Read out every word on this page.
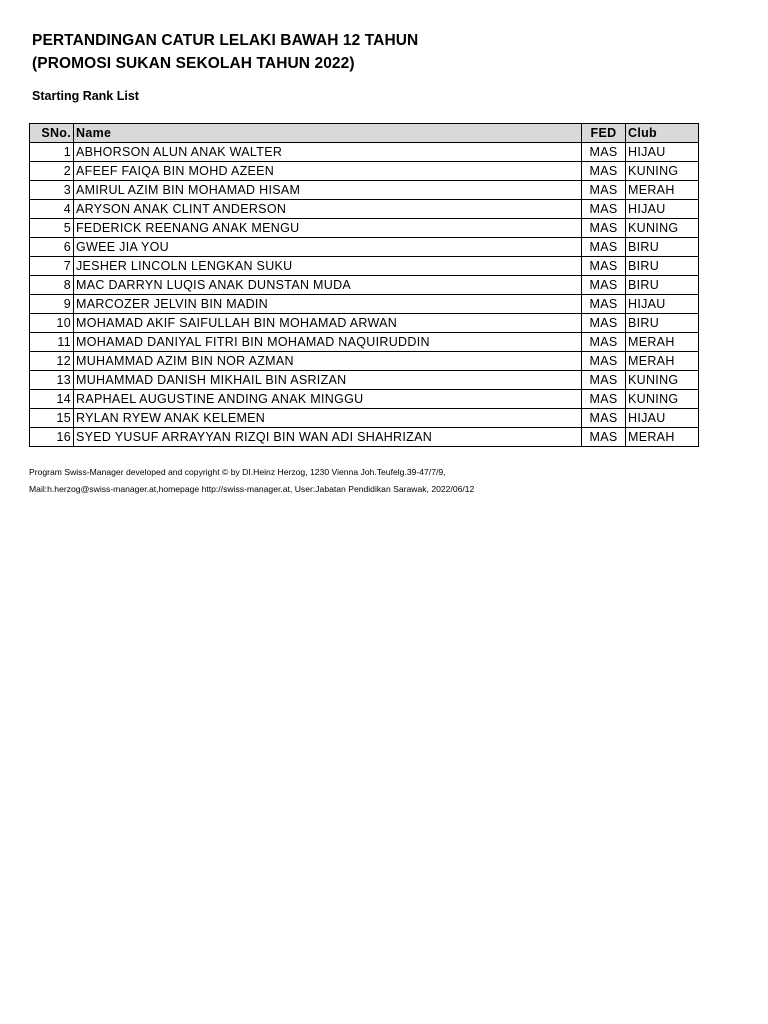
PERTANDINGAN CATUR LELAKI BAWAH 12 TAHUN
(PROMOSI SUKAN SEKOLAH TAHUN 2022)
Starting Rank List
SNo.	Name	FED	Club
1	ABHORSON ALUN ANAK WALTER	MAS	HIJAU
2	AFEEF FAIQA BIN MOHD AZEEN	MAS	KUNING
3	AMIRUL AZIM BIN MOHAMAD HISAM	MAS	MERAH
4	ARYSON ANAK CLINT ANDERSON	MAS	HIJAU
5	FEDERICK REENANG ANAK MENGU	MAS	KUNING
6	GWEE JIA YOU	MAS	BIRU
7	JESHER LINCOLN LENGKAN SUKU	MAS	BIRU
8	MAC DARRYN LUQIS ANAK DUNSTAN MUDA	MAS	BIRU
9	MARCOZER JELVIN BIN MADIN	MAS	HIJAU
10	MOHAMAD AKIF SAIFULLAH BIN MOHAMAD ARWAN	MAS	BIRU
11	MOHAMAD DANIYAL FITRI BIN MOHAMAD NAQUIRUDDIN	MAS	MERAH
12	MUHAMMAD AZIM BIN NOR AZMAN	MAS	MERAH
13	MUHAMMAD DANISH MIKHAIL BIN ASRIZAN	MAS	KUNING
14	RAPHAEL AUGUSTINE ANDING ANAK MINGGU	MAS	KUNING
15	RYLAN RYEW ANAK KELEMEN	MAS	HIJAU
16	SYED YUSUF ARRAYYAN RIZQI BIN WAN ADI SHAHRIZAN	MAS	MERAH
Program Swiss-Manager developed and copyright © by DI.Heinz Herzog, 1230 Vienna Joh.Teufelg.39-47/7/9,
Mail:h.herzog@swiss-manager.at,homepage http://swiss-manager.at, User:Jabatan Pendidikan Sarawak, 2022/06/12
